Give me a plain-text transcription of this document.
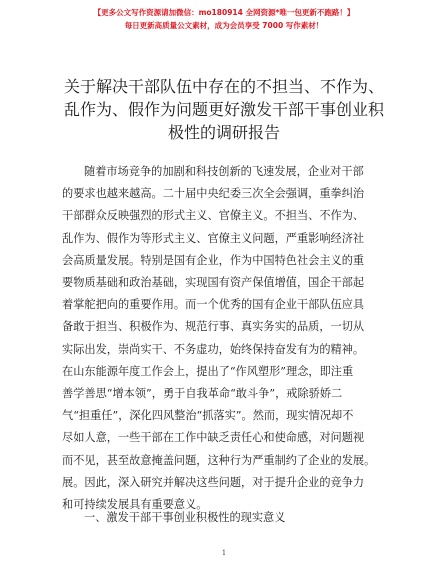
【更多公文写作资源请加微信：mo180914 全网资源*唯一包更新不跑路！】
每日更新高质量公文素材，成为会员享受 7000 写作素材！
关于解决干部队伍中存在的不担当、不作为、
乱作为、假作为问题更好激发干部干事创业积
极性的调研报告
随着市场竞争的加剧和科技创新的飞速发展，企业对干部
的要求也越来越高。二十届中央纪委三次全会强调，重拳纠治
干部群众反映强烈的形式主义、官僚主义。不担当、不作为、
乱作为、假作为等形式主义、官僚主义问题，严重影响经济社
会高质量发展。特别是国有企业，作为中国特色社会主义的重
要物质基础和政治基础，实现国有资产保值增值，国企干部起
着掌舵把向的重要作用。而一个优秀的国有企业干部队伍应具
备敢于担当、积极作为、规范行事、真实务实的品质，一切从
实际出发，崇尚实干、不务虚功，始终保持奋发有为的精神。
在山东能源年度工作会上，提出了“作风塑形”理念，即注重
善学善思“增本领”，勇于自我革命“敢斗争”，戒除骄娇二
气“担重任”，深化四风整治“抓落实”。然而，现实情况却不
尽如人意，一些干部在工作中缺乏责任心和使命感，对问题视
而不见，甚至故意掩盖问题，这种行为严重制约了企业的发展。
展。因此，深入研究并解决这些问题，对于提升企业的竞争力
和可持续发展具有重要意义。
一、激发干部干事创业积极性的现实意义
1
